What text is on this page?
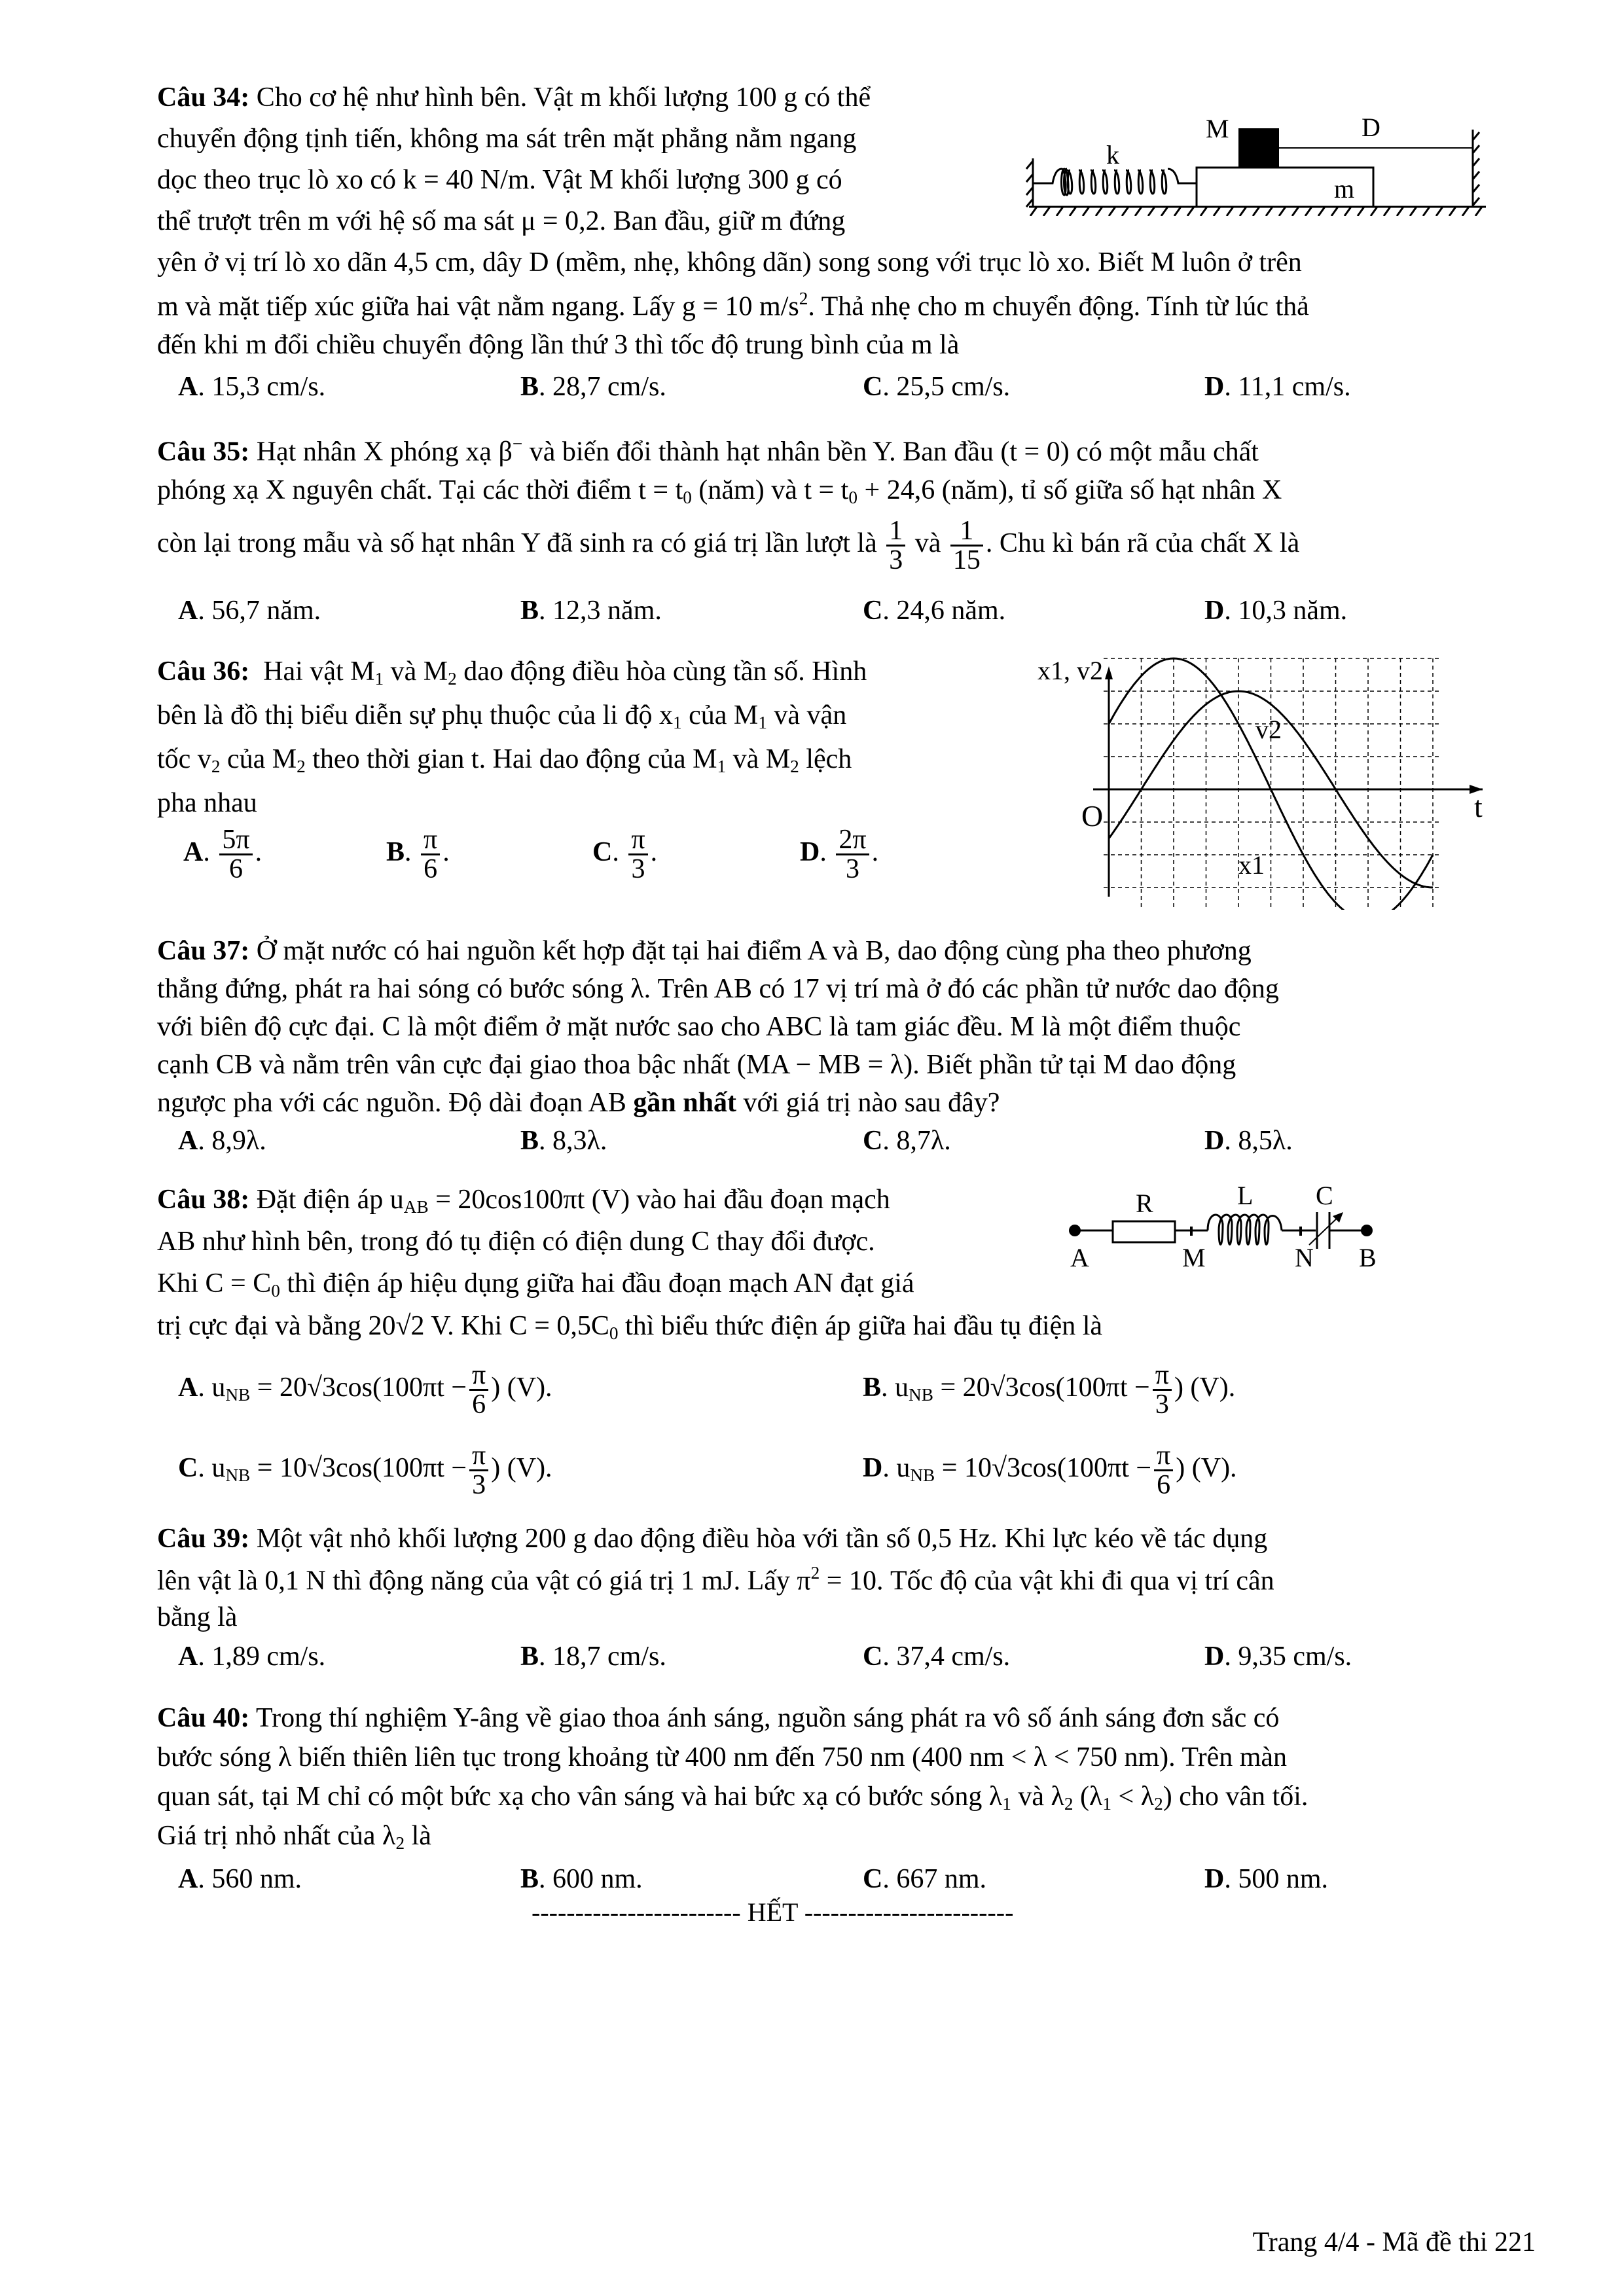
Câu 34: Cho cơ hệ như hình bên. Vật m khối lượng 100 g có thể
chuyển động tịnh tiến, không ma sát trên mặt phẳng nằm ngang
dọc theo trục lò xo có k = 40 N/m. Vật M khối lượng 300 g có
thể trượt trên m với hệ số ma sát μ = 0,2. Ban đầu, giữ m đứng
yên ở vị trí lò xo dãn 4,5 cm, dây D (mềm, nhẹ, không dãn) song song với trục lò xo. Biết M luôn ở trên
m và mặt tiếp xúc giữa hai vật nằm ngang. Lấy g = 10 $m/s^2$. Thả nhẹ cho m chuyển động. Tính từ lúc thả
đến khi m đổi chiều chuyển động lần thứ 3 thì tốc độ trung bình của m là
A. 15,3 cm/s.	B. 28,7 cm/s.	C. 25,5 cm/s.	D. 11,1 cm/s.
k
M	D
m
Câu 35: Hạt nhân X phóng xạ β− và biến đổi thành hạt nhân bền Y. Ban đầu (t = 0) có một mẫu chất
phóng xạ X nguyên chất. Tại các thời điểm $t = t_0$ (năm) và $t = t_0 + 24,6$ (năm), tỉ số giữa số hạt nhân X
còn lại trong mẫu và số hạt nhân Y đã sinh ra có giá trị lần lượt là $\frac{1}{3}$ và $\frac{1}{15}$ . Chu kì bán rã của chất X là
A. 56,7 năm.	B. 12,3 năm.	C. 24,6 năm.	D. 10,3 năm.
Câu 36: Hai vật $M_1$ và $M_2$ dao động điều hòa cùng tần số. Hình
bên là đồ thị biểu diễn sự phụ thuộc của li độ $x_1$ của $M_1$ và vận
tốc $v_2$ của $M_2$ theo thời gian t. Hai dao động của $M_1$ và $M_2$ lệch
pha nhau
A. $\frac{5\pi}{6}$ .	B. $\frac{\pi}{6}$ .	C. $\frac{\pi}{3}$ .	D. $\frac{2\pi}{3}$ .
x1, v2
O	t
v2
x1
Câu 37: Ở mặt nước có hai nguồn kết hợp đặt tại hai điểm A và B, dao động cùng pha theo phương
thẳng đứng, phát ra hai sóng có bước sóng λ. Trên AB có 17 vị trí mà ở đó các phần tử nước dao động
với biên độ cực đại. C là một điểm ở mặt nước sao cho ABC là tam giác đều. M là một điểm thuộc
cạnh CB và nằm trên vân cực đại giao thoa bậc nhất (MA − MB = λ). Biết phần tử tại M dao động
ngược pha với các nguồn. Độ dài đoạn AB gần nhất với giá trị nào sau đây?
A. 8,9λ.	B. 8,3λ.	C. 8,7λ.	D. 8,5λ.
Câu 38: Đặt điện áp $u_{AB} = 20\cos 100\pi t$ (V) vào hai đầu đoạn mạch
AB như hình bên, trong đó tụ điện có điện dung C thay đổi được.
Khi $C = C_0$ thì điện áp hiệu dụng giữa hai đầu đoạn mạch AN đạt giá
trị cực đại và bằng 20√2 V. Khi $C = 0,5C_0$ thì biểu thức điện áp giữa hai đầu tụ điện là
A. $u_{NB} = 20√3\cos(100\pi t - \frac{\pi}{6}$ ) (V).	B. $u_{NB} = 20√3\cos(100\pi t - \frac{\pi}{3}$ ) (V).
C. $u_{NB} = 10√3\cos(100\pi t - \frac{\pi}{3}$ ) (V).	D. $u_{NB} = 10√3\cos(100\pi t - \frac{\pi}{6}$ ) (V).
R	L C
A	M	N B
Câu 39: Một vật nhỏ khối lượng 200 g dao động điều hòa với tần số 0,5 Hz. Khi lực kéo về tác dụng
lên vật là 0,1 N thì động năng của vật có giá trị 1 mJ. Lấy $\pi^2 = 10$. Tốc độ của vật khi đi qua vị trí cân
bằng là
A. 1,89 cm/s.	B. 18,7 cm/s.	C. 37,4 cm/s.	D. 9,35 cm/s.
Câu 40: Trong thí nghiệm Y-âng về giao thoa ánh sáng, nguồn sáng phát ra vô số ánh sáng đơn sắc có
bước sóng λ biến thiên liên tục trong khoảng từ 400 nm đến 750 nm (400 nm < λ < 750 nm). Trên màn
quan sát, tại M chỉ có một bức xạ cho vân sáng và hai bức xạ có bước sóng $\lambda_1$ và $\lambda_2$ $(\lambda_1 < \lambda_2)$ cho vân tối.
Giá trị nhỏ nhất của $\lambda_2$ là
A. 560 nm.	B. 600 nm.	C. 667 nm.	D. 500 nm.
------------------------ HẾT ------------------------
Trang 4/4 - Mã đề thi 221
